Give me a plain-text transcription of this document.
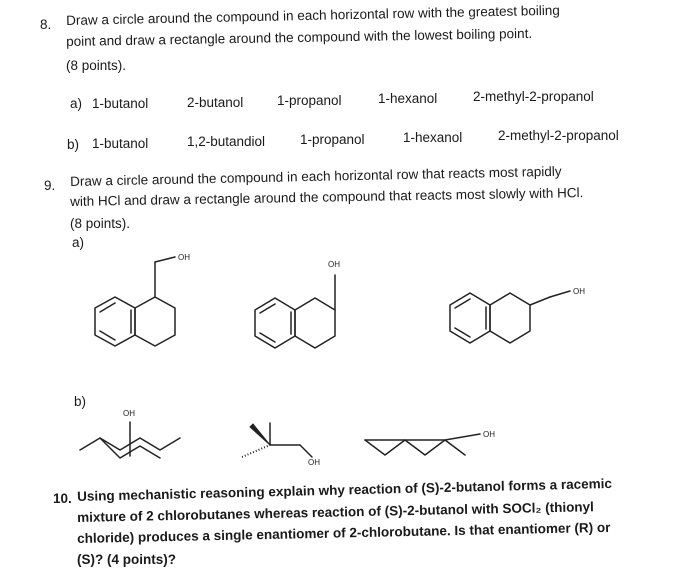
8. Draw a circle around the compound in each horizontal row with the greatest boiling
point and draw a rectangle around the compound with the lowest boiling point.
(8 points).
a) 1-butanol	2-butanol 1-propanol	1-hexanol	2-methyl-2-propanol
b) 1-butanol	1,2-butandiol	1-propanol	1-hexanol	2-methyl-2-propanol
9. Draw a circle around the compound in each horizontal row that reacts most rapidly
with HCl and draw a rectangle around the compound that reacts most slowly with HCl.
(8 points).
a)
OH
OH
OH
b)
OH
OH
OH
10. Using mechanistic reasoning explain why reaction of (S)-2-butanol forms a racemic
mixture of 2 chlorobutanes whereas reaction of (S)-2-butanol with SOCl₂ (thionyl
chloride) produces a single enantiomer of 2-chlorobutane. Is that enantiomer (R) or
(S)? (4 points)?
